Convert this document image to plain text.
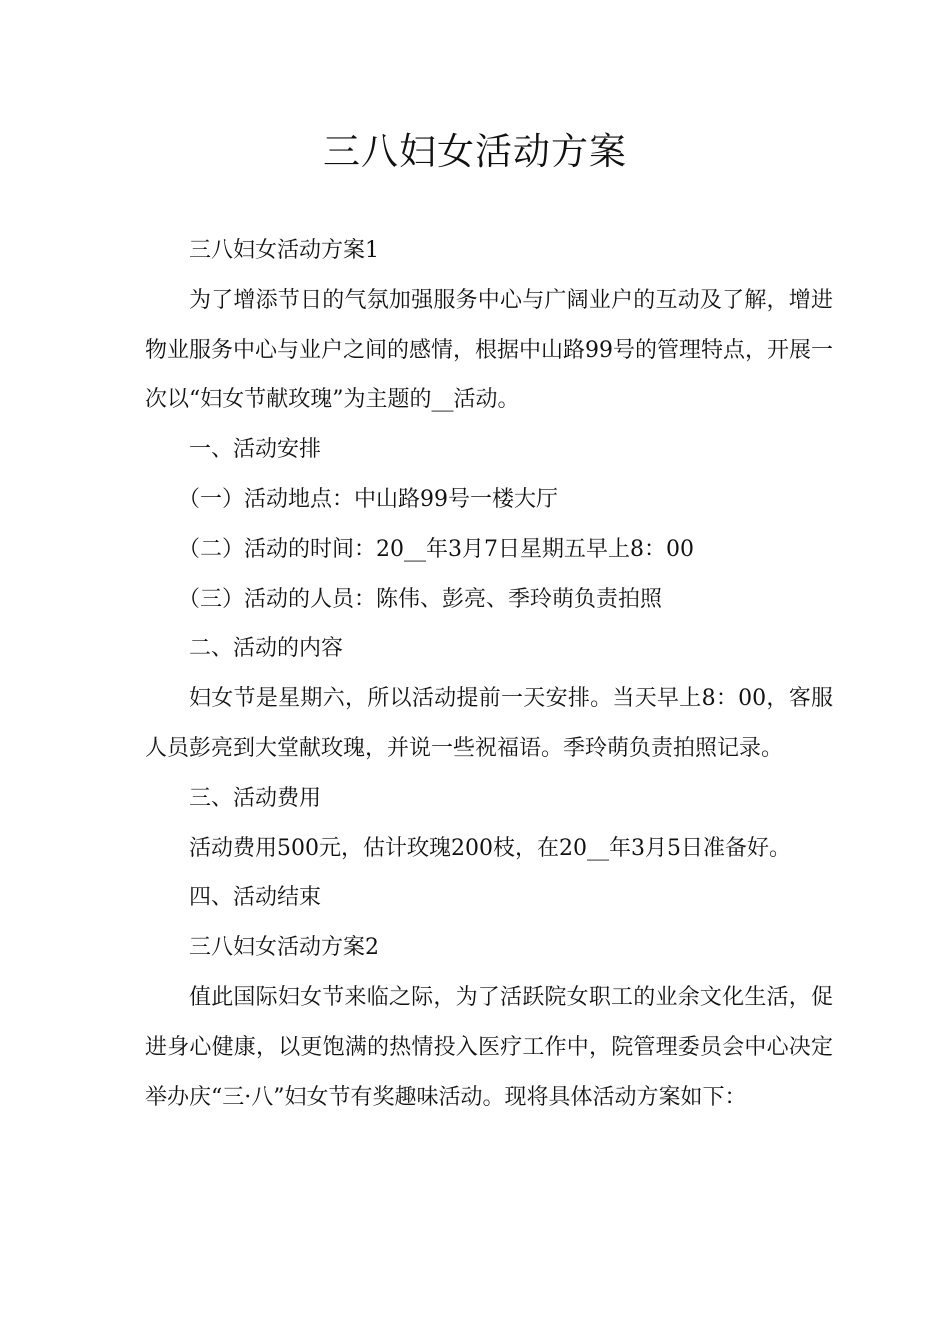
三八妇女活动方案

三八妇女活动方案1

为了增添节日的气氛加强服务中心与广阔业户的互动及了解，增进物业服务中心与业户之间的感情，根据中山路99号的管理特点，开展一次以“妇女节献玫瑰”为主题的__活动。

一、活动安排

（一）活动地点：中山路99号一楼大厅

（二）活动的时间：20__年3月7日星期五早上8：00

（三）活动的人员：陈伟、彭亮、季玲萌负责拍照

二、活动的内容

妇女节是星期六，所以活动提前一天安排。当天早上8：00，客服人员彭亮到大堂献玫瑰，并说一些祝福语。季玲萌负责拍照记录。

三、活动费用

活动费用500元，估计玫瑰200枝，在20__年3月5日准备好。

四、活动结束

三八妇女活动方案2

值此国际妇女节来临之际，为了活跃院女职工的业余文化生活，促进身心健康，以更饱满的热情投入医疗工作中，院管理委员会中心决定举办庆“三·八”妇女节有奖趣味活动。现将具体活动方案如下：
